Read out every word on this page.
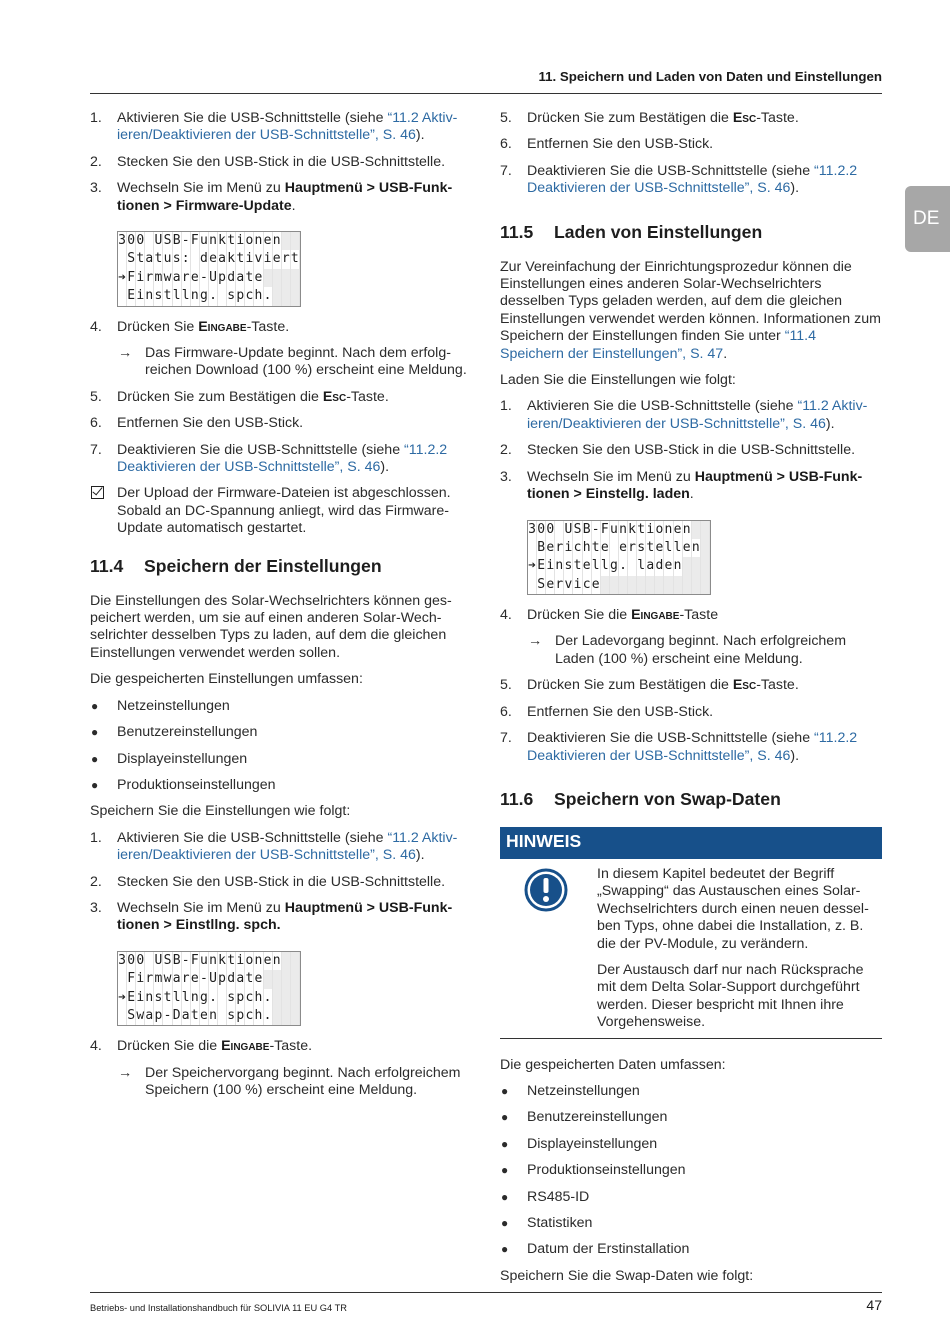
11. Speichern und Laden von Daten und Einstellungen
DE
1. Aktivieren Sie die USB-Schnittstelle (siehe “11.2 Aktivieren/Deaktivieren der USB-Schnittstelle”, S. 46).
2. Stecken Sie den USB-Stick in die USB-Schnittstelle.
3. Wechseln Sie im Menü zu Hauptmenü > USB-Funktionen > Firmware-Update.
3 0 0
U S B - F u n k t i o n e n

S t a t u s :
d e a k t i v i e r t
➔ F i r m w a r e - U p d a t e

E i n s t l l n g .
s p c h .

4. Drücken Sie Eingabe-Taste.
→ Das Firmware-Update beginnt. Nach dem erfolgreichen Download (100 %) erscheint eine Meldung.
5. Drücken Sie zum Bestätigen die Esc-Taste.
6. Entfernen Sie den USB-Stick.
7. Deaktivieren Sie die USB-Schnittstelle (siehe “11.2.2 Deaktivieren der USB-Schnittstelle”, S. 46).
Der Upload der Firmware-Dateien ist abgeschlossen. Sobald an DC-Spannung anliegt, wird das Firmware-Update automatisch gestartet.
11.4 Speichern der Einstellungen
Die Einstellungen des Solar-Wechselrichters können gespeichert werden, um sie auf einen anderen Solar-Wechselrichter desselben Typs zu laden, auf dem die gleichen Einstellungen verwendet werden sollen.
Die gespeicherten Einstellungen umfassen:
● Netzeinstellungen
● Benutzereinstellungen
● Displayeinstellungen
● Produktionseinstellungen
Speichern Sie die Einstellungen wie folgt:
1. Aktivieren Sie die USB-Schnittstelle (siehe “11.2 Aktivieren/Deaktivieren der USB-Schnittstelle”, S. 46).
2. Stecken Sie den USB-Stick in die USB-Schnittstelle.
3. Wechseln Sie im Menü zu Hauptmenü > USB-Funktionen > Einstllng. spch.
3 0 0
U S B - F u n k t i o n e n

F i r m w a r e - U p d a t e

➔ E i n s t l l n g .
s p c h .

S w a p - D a t e n
s p c h .

4. Drücken Sie die Eingabe-Taste.
→ Der Speichervorgang beginnt. Nach erfolgreichem Speichern (100 %) erscheint eine Meldung.
5. Drücken Sie zum Bestätigen die Esc-Taste.
6. Entfernen Sie den USB-Stick.
7. Deaktivieren Sie die USB-Schnittstelle (siehe “11.2.2 Deaktivieren der USB-Schnittstelle”, S. 46).
11.5 Laden von Einstellungen
Zur Vereinfachung der Einrichtungsprozedur können die Einstellungen eines anderen Solar-Wechselrichters desselben Typs geladen werden, auf dem die gleichen Einstellungen verwendet werden können. Informationen zum Speichern der Einstellungen finden Sie unter “11.4 Speichern der Einstellungen”, S. 47.
Laden Sie die Einstellungen wie folgt:
1. Aktivieren Sie die USB-Schnittstelle (siehe “11.2 Aktivieren/Deaktivieren der USB-Schnittstelle”, S. 46).
2. Stecken Sie den USB-Stick in die USB-Schnittstelle.
3. Wechseln Sie im Menü zu Hauptmenü > USB-Funktionen > Einstellg. laden.
3 0 0
U S B - F u n k t i o n e n

B e r i c h t e
e r s t e l l e n

➔ E i n s t e l l g .
l a d e n

S e r v i c e

4. Drücken Sie die Eingabe-Taste
→ Der Ladevorgang beginnt. Nach erfolgreichem Laden (100 %) erscheint eine Meldung.
5. Drücken Sie zum Bestätigen die Esc-Taste.
6. Entfernen Sie den USB-Stick.
7. Deaktivieren Sie die USB-Schnittstelle (siehe “11.2.2 Deaktivieren der USB-Schnittstelle”, S. 46).
11.6 Speichern von Swap-Daten
HINWEIS
In diesem Kapitel bedeutet der Begriff „Swapping“ das Austauschen eines Solar-Wechselrichters durch einen neuen desselben Typs, ohne dabei die Installation, z. B. die der PV-Module, zu verändern.
Der Austausch darf nur nach Rücksprache mit dem Delta Solar-Support durchgeführt werden. Dieser bespricht mit Ihnen ihre Vorgehensweise.
Die gespeicherten Daten umfassen:
● Netzeinstellungen
● Benutzereinstellungen
● Displayeinstellungen
● Produktionseinstellungen
● RS485-ID
● Statistiken
● Datum der Erstinstallation
Speichern Sie die Swap-Daten wie folgt:
Betriebs- und Installationshandbuch für SOLIVIA 11 EU G4 TR	47
